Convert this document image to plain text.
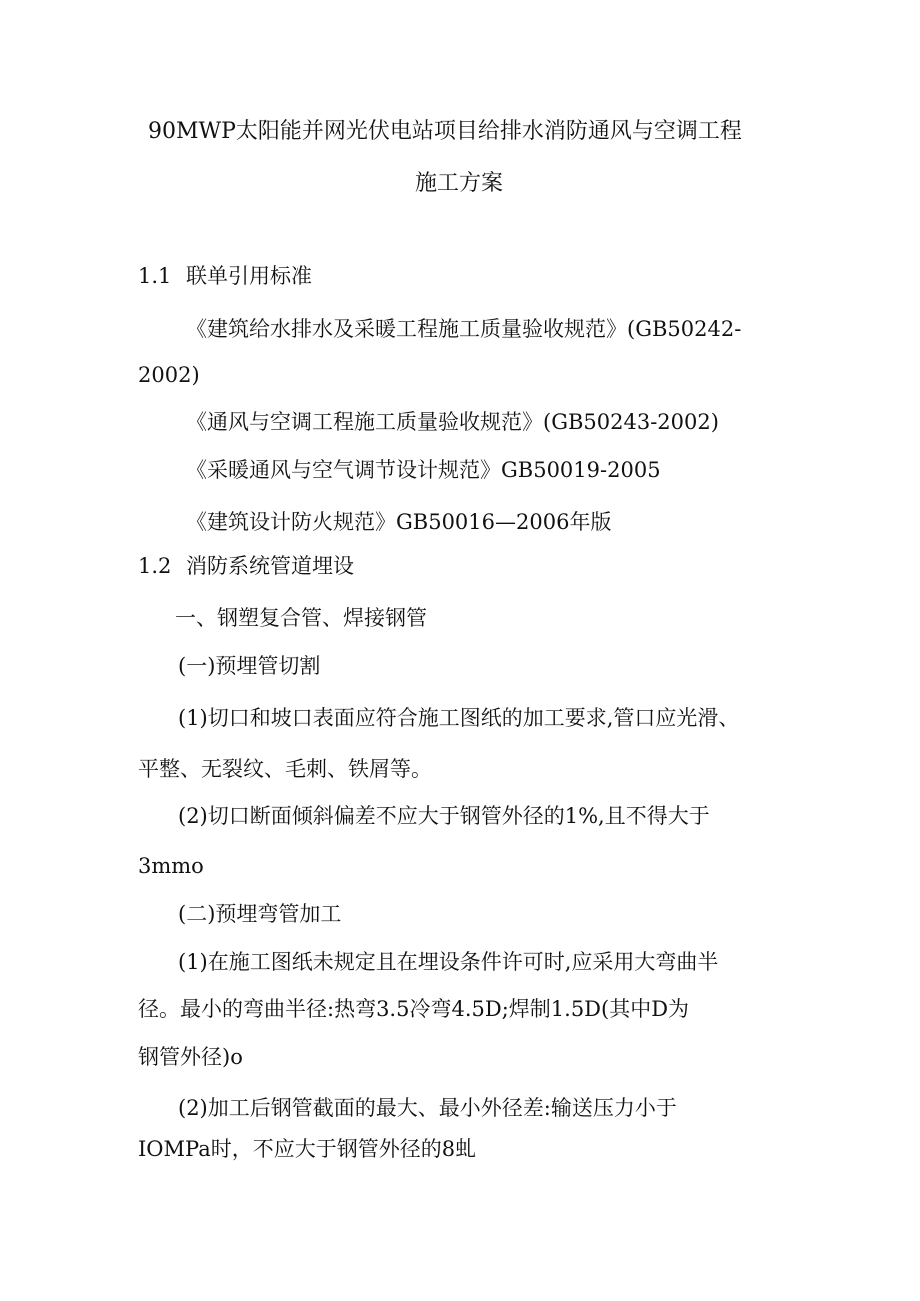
90MWP太阳能并网光伏电站项目给排水消防通风与空调工程
施工方案
1.1 联单引用标准
《建筑给水排水及采暖工程施工质量验收规范》(GB50242-
2002)
《通风与空调工程施工质量验收规范》(GB50243-2002)
《采暖通风与空气调节设计规范》GB50019-2005
《建筑设计防火规范》GB50016—2006年版
1.2 消防系统管道埋设
一、钢塑复合管、焊接钢管
(一)预埋管切割
(1)切口和坡口表面应符合施工图纸的加工要求,管口应光滑、
平整、无裂纹、毛刺、铁屑等。
(2)切口断面倾斜偏差不应大于钢管外径的1%,且不得大于
3mmo
(二)预埋弯管加工
(1)在施工图纸未规定且在埋设条件许可时,应采用大弯曲半
径。最小的弯曲半径:热弯3.5冷弯4.5D;焊制1.5D(其中D为
钢管外径)o
(2)加工后钢管截面的最大、最小外径差:输送压力小于
IOMPa时，不应大于钢管外径的8虬
